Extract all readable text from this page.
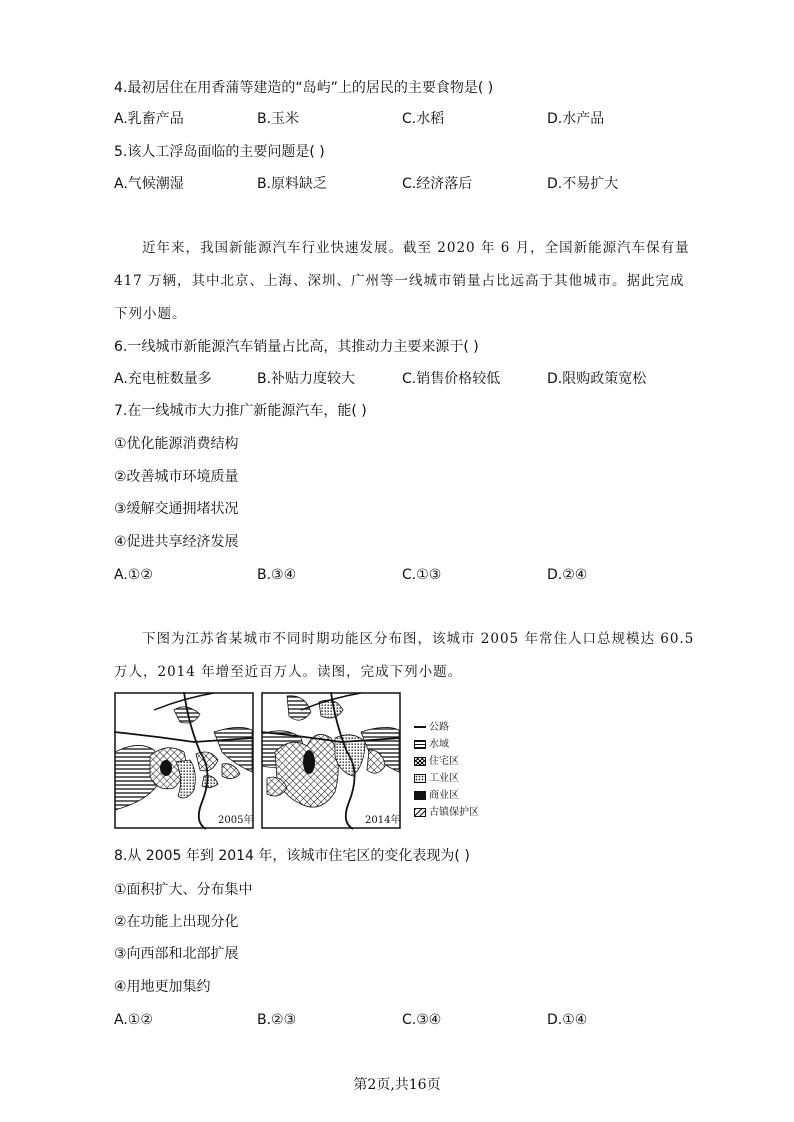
4.最初居住在用香蒲等建造的“岛屿”上的居民的主要食物是( )
A.乳畜产品	B.玉米	C.水稻	D.水产品
5.该人工浮岛面临的主要问题是( )
A.气候潮湿	B.原料缺乏	C.经济落后	D.不易扩大
近年来，我国新能源汽车行业快速发展。截至 2020 年 6 月，全国新能源汽车保有量
417 万辆，其中北京、上海、深圳、广州等一线城市销量占比远高于其他城市。据此完成
下列小题。
6.一线城市新能源汽车销量占比高，其推动力主要来源于( )
A.充电桩数量多	B.补贴力度较大	C.销售价格较低	D.限购政策宽松
7.在一线城市大力推广新能源汽车，能( )
①优化能源消费结构
②改善城市环境质量
③缓解交通拥堵状况
④促进共享经济发展
A.①②	B.③④	C.①③	D.②④
下图为江苏省某城市不同时期功能区分布图，该城市 2005 年常住人口总规模达 60.5
万人，2014 年增至近百万人。读图，完成下列小题。
2005年	2014年
公路
水域
住宅区
工业区
商业区
古镇保护区
8.从 2005 年到 2014 年，该城市住宅区的变化表现为( )
①面积扩大、分布集中
②在功能上出现分化
③向西部和北部扩展
④用地更加集约
A.①②	B.②③	C.③④	D.①④
第2页,共16页
